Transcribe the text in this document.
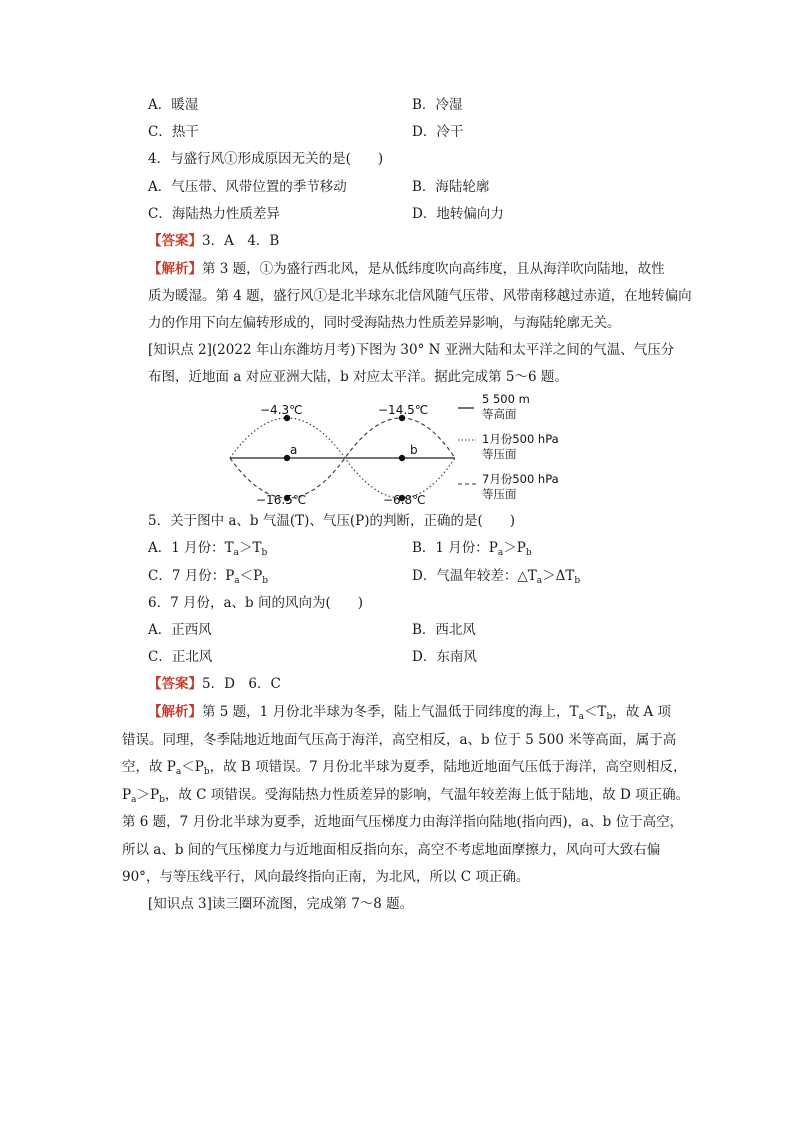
A．暖湿	B．冷湿
C．热干	D．冷干
4．与盛行风①形成原因无关的是(　　)
A．气压带、风带位置的季节移动	B．海陆轮廓
C．海陆热力性质差异	D．地转偏向力
【答案】3．A　4．B
【解析】第 3 题，①为盛行西北风，是从低纬度吹向高纬度，且从海洋吹向陆地，故性
质为暖湿。第 4 题，盛行风①是北半球东北信风随气压带、风带南移越过赤道，在地转偏向
力的作用下向左偏转形成的，同时受海陆热力性质差异影响，与海陆轮廓无关。
[知识点 2](2022 年山东潍坊月考)下图为 30° N 亚洲大陆和太平洋之间的气温、气压分
布图，近地面 a 对应亚洲大陆，b 对应太平洋。据此完成第 5～6 题。
−4.3℃	−14.5℃
−16.5℃	−6.8℃
a	b
5 500 m
等高面
1月份500 hPa
等压面
7月份500 hPa
等压面
5．关于图中 a、b 气温(T)、气压(P)的判断，正确的是(　　)
A．1 月份：$T_a>T_b$	B．1 月份：$P_a>P_b$
C．7 月份：$P_a<P_b$	D．气温年较差：$\triangle T_a>\Delta T_b$
6．7 月份，a、b 间的风向为(　　)
A．正西风	B．西北风
C．正北风	D．东南风
【答案】5．D　6．C
【解析】第 5 题，1 月份北半球为冬季，陆上气温低于同纬度的海上，$T_a<T_b$，故 A 项
错误。同理，冬季陆地近地面气压高于海洋，高空相反，a、b 位于 5 500 米等高面，属于高
空，故 $P_a<P_b$，故 B 项错误。7 月份北半球为夏季，陆地近地面气压低于海洋，高空则相反，
$P_a>P_b$，故 C 项错误。受海陆热力性质差异的影响，气温年较差海上低于陆地，故 D 项正确。
第 6 题，7 月份北半球为夏季，近地面气压梯度力由海洋指向陆地(指向西)，a、b 位于高空，
所以 a、b 间的气压梯度力与近地面相反指向东，高空不考虑地面摩擦力，风向可大致右偏
90°，与等压线平行，风向最终指向正南，为北风，所以 C 项正确。
[知识点 3]读三圈环流图，完成第 7～8 题。
